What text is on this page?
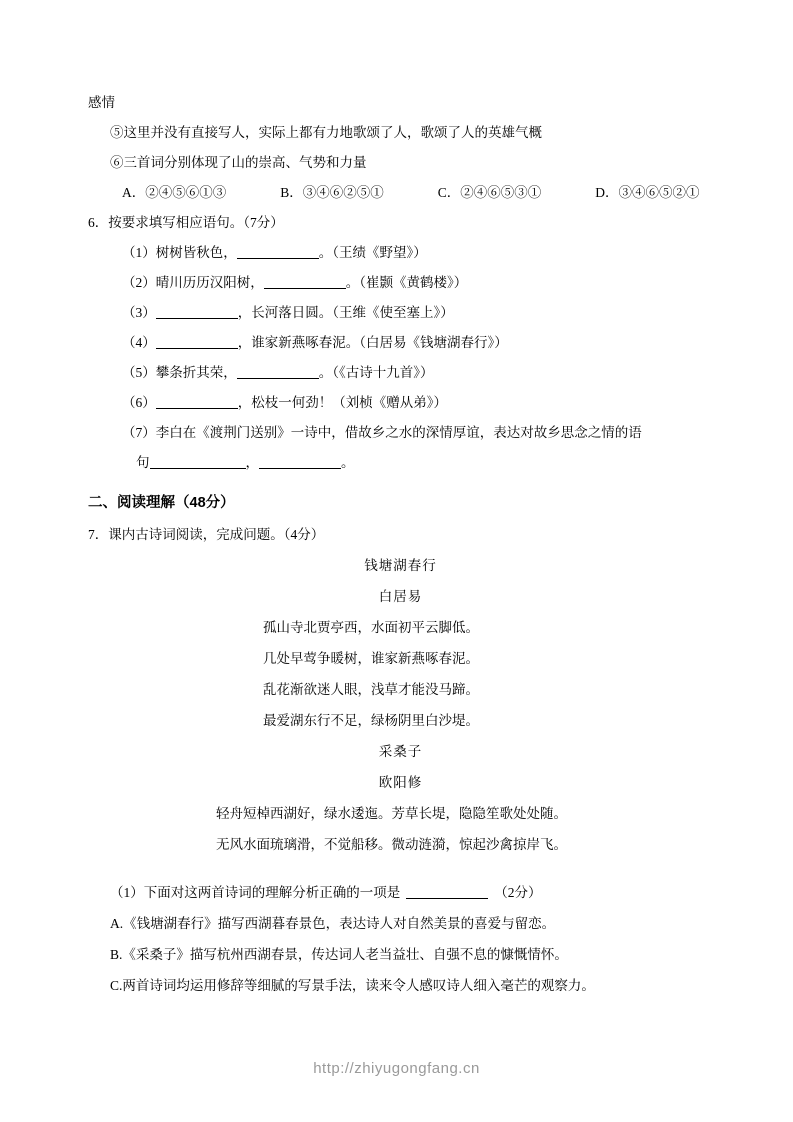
感情
⑤这里并没有直接写人，实际上都有力地歌颂了人，歌颂了人的英雄气概
⑥三首词分别体现了山的崇高、气势和力量
A．②④⑤⑥①③	B．③④⑥②⑤①	C．②④⑥⑤③①	D．③④⑥⑤②①
6．按要求填写相应语句。（7分）
（1）树树皆秋色，	。（王绩《野望》）
（2）晴川历历汉阳树，	。（崔颢《黄鹤楼》）
（3）	，长河落日圆。（王维《使至塞上》）
（4）	，谁家新燕啄春泥。（白居易《钱塘湖春行》）
（5）攀条折其荣，	。（《古诗十九首》）
（6）	，松枝一何劲！（刘桢《赠从弟》）
（7）李白在《渡荆门送别》一诗中，借故乡之水的深情厚谊，表达对故乡思念之情的语
句	，	。
二、阅读理解（48分）
7．课内古诗词阅读，完成问题。（4分）
钱塘湖春行
白居易
孤山寺北贾亭西，水面初平云脚低。
几处早莺争暖树，谁家新燕啄春泥。
乱花渐欲迷人眼，浅草才能没马蹄。
最爱湖东行不足，绿杨阴里白沙堤。
采桑子
欧阳修
轻舟短棹西湖好，绿水逶迤。芳草长堤，隐隐笙歌处处随。
无风水面琉璃滑，不觉船移。微动涟漪，惊起沙禽掠岸飞。
（1）下面对这两首诗词的理解分析正确的一项是	（2分）
A.《钱塘湖春行》描写西湖暮春景色，表达诗人对自然美景的喜爱与留恋。
B.《采桑子》描写杭州西湖春景，传达词人老当益壮、自强不息的慷慨情怀。
C.两首诗词均运用修辞等细腻的写景手法，读来令人感叹诗人细入毫芒的观察力。
http://zhiyugongfang.cn
